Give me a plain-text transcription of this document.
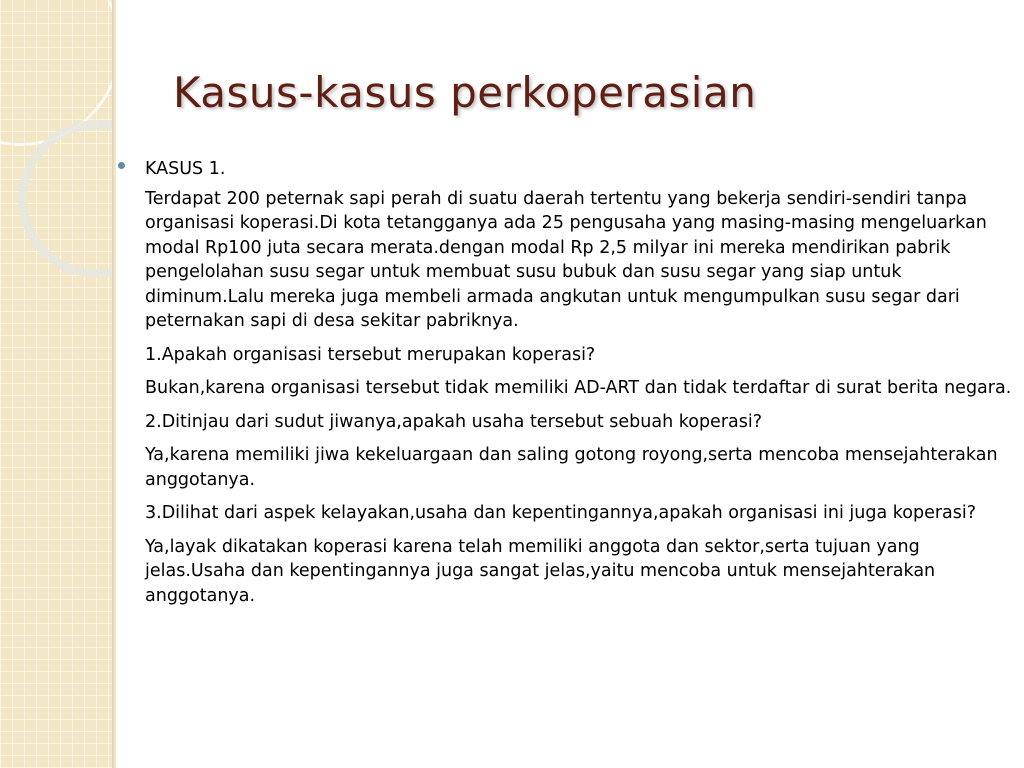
Kasus-kasus perkoperasian
KASUS 1.

Terdapat 200 peternak sapi perah di suatu daerah tertentu yang bekerja sendiri-sendiri tanpa organisasi koperasi.Di kota tetangganya ada 25 pengusaha yang masing-masing mengeluarkan modal Rp100 juta secara merata.dengan modal Rp 2,5 milyar ini mereka mendirikan pabrik pengelolahan susu segar untuk membuat susu bubuk dan susu segar yang siap untuk diminum.Lalu mereka juga membeli armada angkutan untuk mengumpulkan susu segar dari peternakan sapi di desa sekitar pabriknya.

1.Apakah organisasi tersebut merupakan koperasi?

Bukan,karena organisasi tersebut tidak memiliki AD-ART dan tidak terdaftar di surat berita negara.

2.Ditinjau dari sudut jiwanya,apakah usaha tersebut sebuah koperasi?

Ya,karena memiliki jiwa kekeluargaan dan saling gotong royong,serta mencoba mensejahterakan anggotanya.

3.Dilihat dari aspek kelayakan,usaha dan kepentingannya,apakah organisasi ini juga koperasi?

Ya,layak dikatakan koperasi karena telah memiliki anggota dan sektor,serta tujuan yang jelas.Usaha dan kepentingannya juga sangat jelas,yaitu mencoba untuk mensejahterakan anggotanya.
